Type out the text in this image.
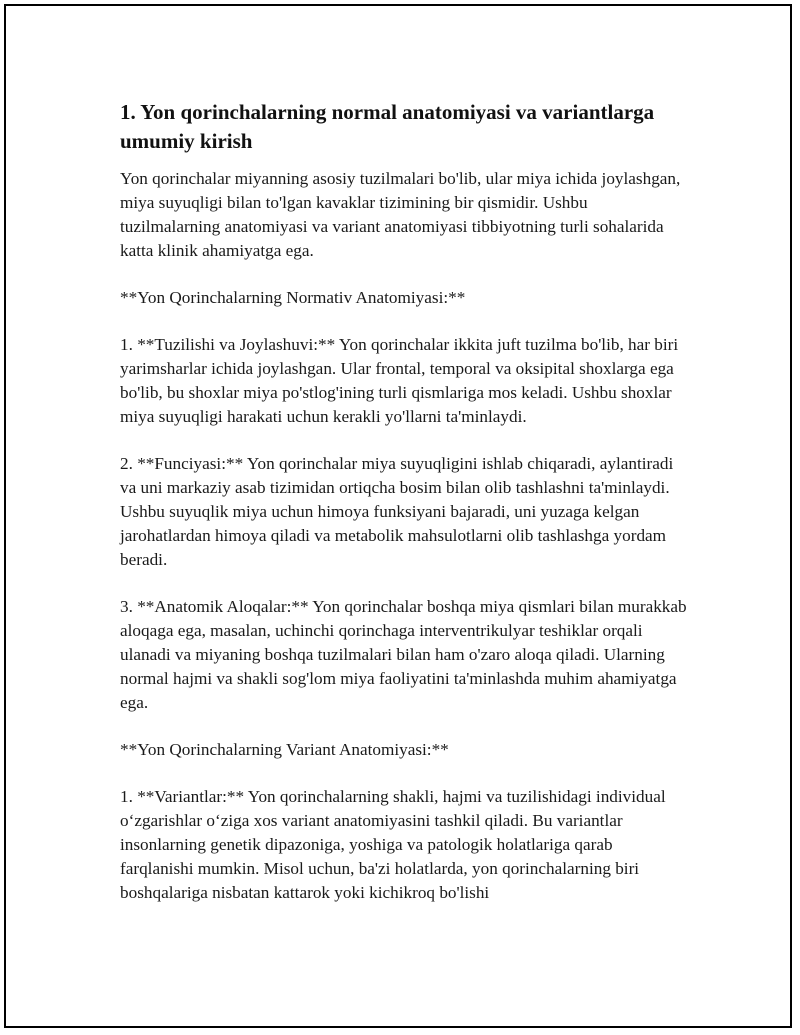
1. Yon qorinchalarning normal anatomiyasi va variantlarga umumiy kirish

Yon qorinchalar miyanning asosiy tuzilmalari bo'lib, ular miya ichida joylashgan, miya suyuqligi bilan to'lgan kavaklar tizimining bir qismidir. Ushbu tuzilmalarning anatomiyasi va variant anatomiyasi tibbiyotning turli sohalarida katta klinik ahamiyatga ega.

**Yon Qorinchalarning Normativ Anatomiyasi:**

1. **Tuzilishi va Joylashuvi:** Yon qorinchalar ikkita juft tuzilma bo'lib, har biri yarimsharlar ichida joylashgan. Ular frontal, temporal va oksipital shoxlarga ega bo'lib, bu shoxlar miya po'stlog'ining turli qismlariga mos keladi. Ushbu shoxlar miya suyuqligi harakati uchun kerakli yo'llarni ta'minlaydi.

2. **Funciyasi:** Yon qorinchalar miya suyuqligini ishlab chiqaradi, aylantiradi va uni markaziy asab tizimidan ortiqcha bosim bilan olib tashlashni ta'minlaydi. Ushbu suyuqlik miya uchun himoya funksiyani bajaradi, uni yuzaga kelgan jarohatlardan himoya qiladi va metabolik mahsulotlarni olib tashlashga yordam beradi.

3. **Anatomik Aloqalar:** Yon qorinchalar boshqa miya qismlari bilan murakkab aloqaga ega, masalan, uchinchi qorinchaga interventrikulyar teshiklar orqali ulanadi va miyaning boshqa tuzilmalari bilan ham o'zaro aloqa qiladi. Ularning normal hajmi va shakli sog'lom miya faoliyatini ta'minlashda muhim ahamiyatga ega.

**Yon Qorinchalarning Variant Anatomiyasi:**

1. **Variantlar:** Yon qorinchalarning shakli, hajmi va tuzilishidagi individual o‘zgarishlar o‘ziga xos variant anatomiyasini tashkil qiladi. Bu variantlar insonlarning genetik dipazoniga, yoshiga va patologik holatlariga qarab farqlanishi mumkin. Misol uchun, ba'zi holatlarda, yon qorinchalarning biri boshqalariga nisbatan kattarok yoki kichikroq bo'lishi
